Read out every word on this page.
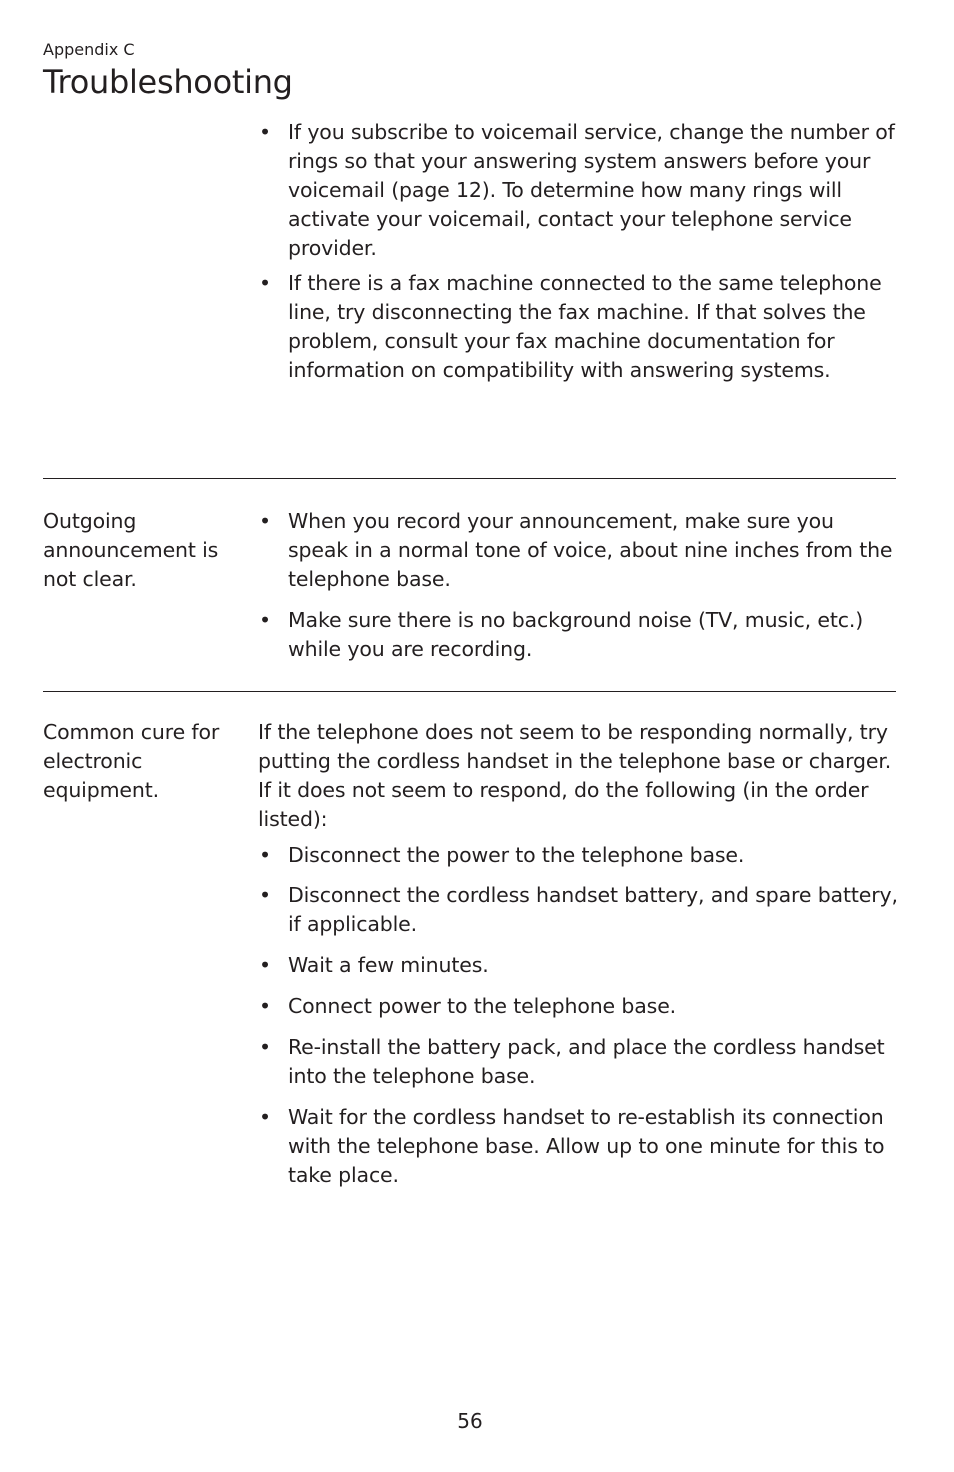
Appendix C
Troubleshooting
• If you subscribe to voicemail service, change the number of rings so that your answering system answers before your voicemail (page 12). To determine how many rings will activate your voicemail, contact your telephone service provider.
• If there is a fax machine connected to the same telephone line, try disconnecting the fax machine. If that solves the problem, consult your fax machine documentation for information on compatibility with answering systems.
Outgoing announcement is not clear.
• When you record your announcement, make sure you speak in a normal tone of voice, about nine inches from the telephone base.
• Make sure there is no background noise (TV, music, etc.) while you are recording.
Common cure for electronic equipment.
If the telephone does not seem to be responding normally, try putting the cordless handset in the telephone base or charger. If it does not seem to respond, do the following (in the order listed):
• Disconnect the power to the telephone base.
• Disconnect the cordless handset battery, and spare battery, if applicable.
• Wait a few minutes.
• Connect power to the telephone base.
• Re-install the battery pack, and place the cordless handset into the telephone base.
• Wait for the cordless handset to re-establish its connection with the telephone base. Allow up to one minute for this to take place.
56
